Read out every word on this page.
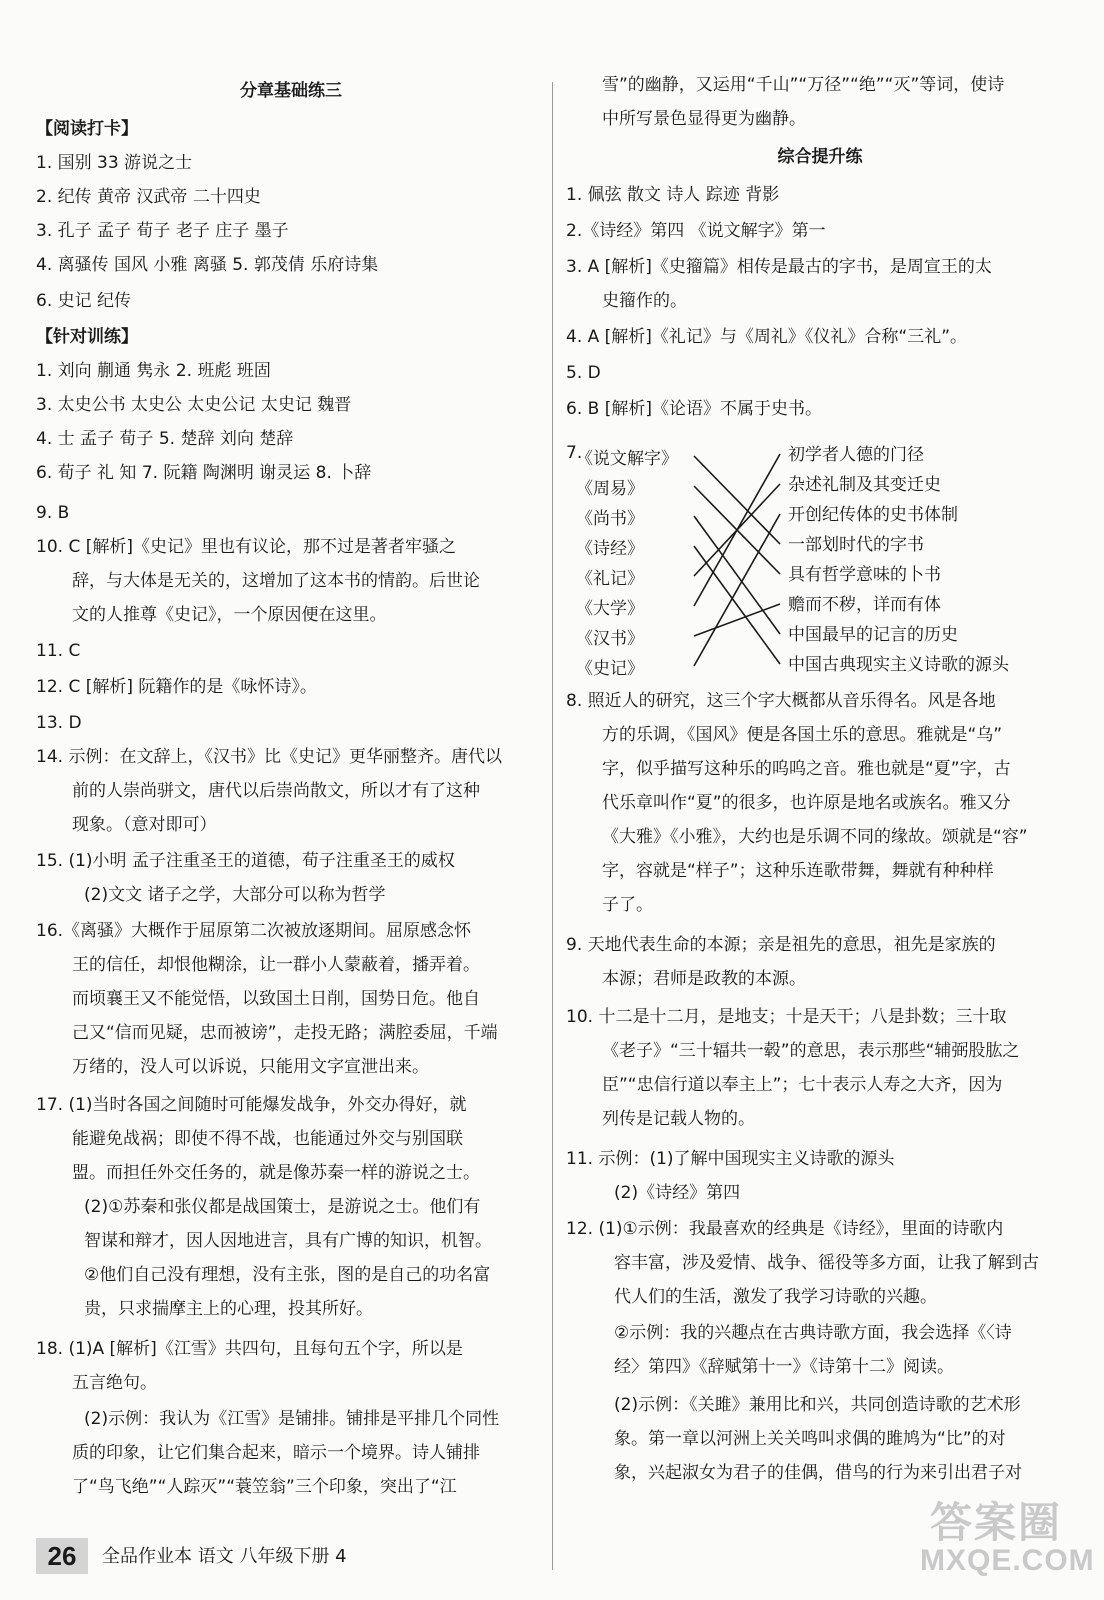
分章基础练三
【阅读打卡】
1. 国别 33 游说之士
2. 纪传 黄帝 汉武帝 二十四史
3. 孔子 孟子 荀子 老子 庄子 墨子
4. 离骚传 国风 小雅 离骚 5. 郭茂倩 乐府诗集
6. 史记 纪传
【针对训练】
1. 刘向 蒯通 隽永 2. 班彪 班固
3. 太史公书 太史公 太史公记 太史记 魏晋
4. 士 孟子 荀子 5. 楚辞 刘向 楚辞
6. 荀子 礼 知 7. 阮籍 陶渊明 谢灵运 8. 卜辞
9. B
10. C [解析]《史记》里也有议论，那不过是著者牢骚之
辞，与大体是无关的，这增加了这本书的情韵。后世论
文的人推尊《史记》，一个原因便在这里。
11. C
12. C [解析] 阮籍作的是《咏怀诗》。
13. D
14. 示例：在文辞上，《汉书》比《史记》更华丽整齐。唐代以
前的人崇尚骈文，唐代以后崇尚散文，所以才有了这种
现象。（意对即可）
15. (1)小明 孟子注重圣王的道德，荀子注重圣王的威权
(2)文文 诸子之学，大部分可以称为哲学
16.《离骚》大概作于屈原第二次被放逐期间。屈原感念怀
王的信任，却恨他糊涂，让一群小人蒙蔽着，播弄着。
而顷襄王又不能觉悟，以致国土日削，国势日危。他自
己又“信而见疑，忠而被谤”，走投无路；满腔委屈，千端
万绪的，没人可以诉说，只能用文字宣泄出来。
17. (1)当时各国之间随时可能爆发战争，外交办得好，就
能避免战祸；即使不得不战，也能通过外交与别国联
盟。而担任外交任务的，就是像苏秦一样的游说之士。
(2)①苏秦和张仪都是战国策士，是游说之士。他们有
智谋和辩才，因人因地进言，具有广博的知识，机智。
②他们自己没有理想，没有主张，图的是自己的功名富
贵，只求揣摩主上的心理，投其所好。
18. (1)A [解析]《江雪》共四句，且每句五个字，所以是
五言绝句。
(2)示例：我认为《江雪》是铺排。铺排是平排几个同性
质的印象，让它们集合起来，暗示一个境界。诗人铺排
了“鸟飞绝”“人踪灭”“蓑笠翁”三个印象，突出了“江
雪”的幽静，又运用“千山”“万径”“绝”“灭”等词，使诗
中所写景色显得更为幽静。
综合提升练
1. 佩弦 散文 诗人 踪迹 背影
2.《诗经》第四 《说文解字》第一
3. A [解析]《史籀篇》相传是最古的字书，是周宣王的太
史籀作的。
4. A [解析]《礼记》与《周礼》《仪礼》合称“三礼”。
5. D
6. B [解析]《论语》不属于史书。
7.
《说文解字》
《周易》
《尚书》
《诗经》
《礼记》
《大学》
《汉书》
《史记》
初学者人德的门径
杂述礼制及其变迁史
开创纪传体的史书体制
一部划时代的字书
具有哲学意味的卜书
赡而不秽，详而有体
中国最早的记言的历史
中国古典现实主义诗歌的源头
8. 照近人的研究，这三个字大概都从音乐得名。风是各地
方的乐调，《国风》便是各国土乐的意思。雅就是“乌”
字，似乎描写这种乐的呜呜之音。雅也就是“夏”字，古
代乐章叫作“夏”的很多，也许原是地名或族名。雅又分
《大雅》《小雅》，大约也是乐调不同的缘故。颂就是“容”
字，容就是“样子”；这种乐连歌带舞，舞就有种种样
子了。
9. 天地代表生命的本源；亲是祖先的意思，祖先是家族的
本源；君师是政教的本源。
10. 十二是十二月，是地支；十是天干；八是卦数；三十取
《老子》“三十辐共一毂”的意思，表示那些“辅弼股肱之
臣”“忠信行道以奉主上”；七十表示人寿之大齐，因为
列传是记载人物的。
11. 示例：(1)了解中国现实主义诗歌的源头
(2)《诗经》第四
12. (1)①示例：我最喜欢的经典是《诗经》，里面的诗歌内
容丰富，涉及爱情、战争、徭役等多方面，让我了解到古
代人们的生活，激发了我学习诗歌的兴趣。
②示例：我的兴趣点在古典诗歌方面，我会选择《〈诗
经〉第四》《辞赋第十一》《诗第十二》阅读。
(2)示例：《关雎》兼用比和兴，共同创造诗歌的艺术形
象。第一章以河洲上关关鸣叫求偶的雎鸠为“比”的对
象，兴起淑女为君子的佳偶，借鸟的行为来引出君子对
26	全品作业本 语文 八年级下册 4
答案圈
MXQE.COM
